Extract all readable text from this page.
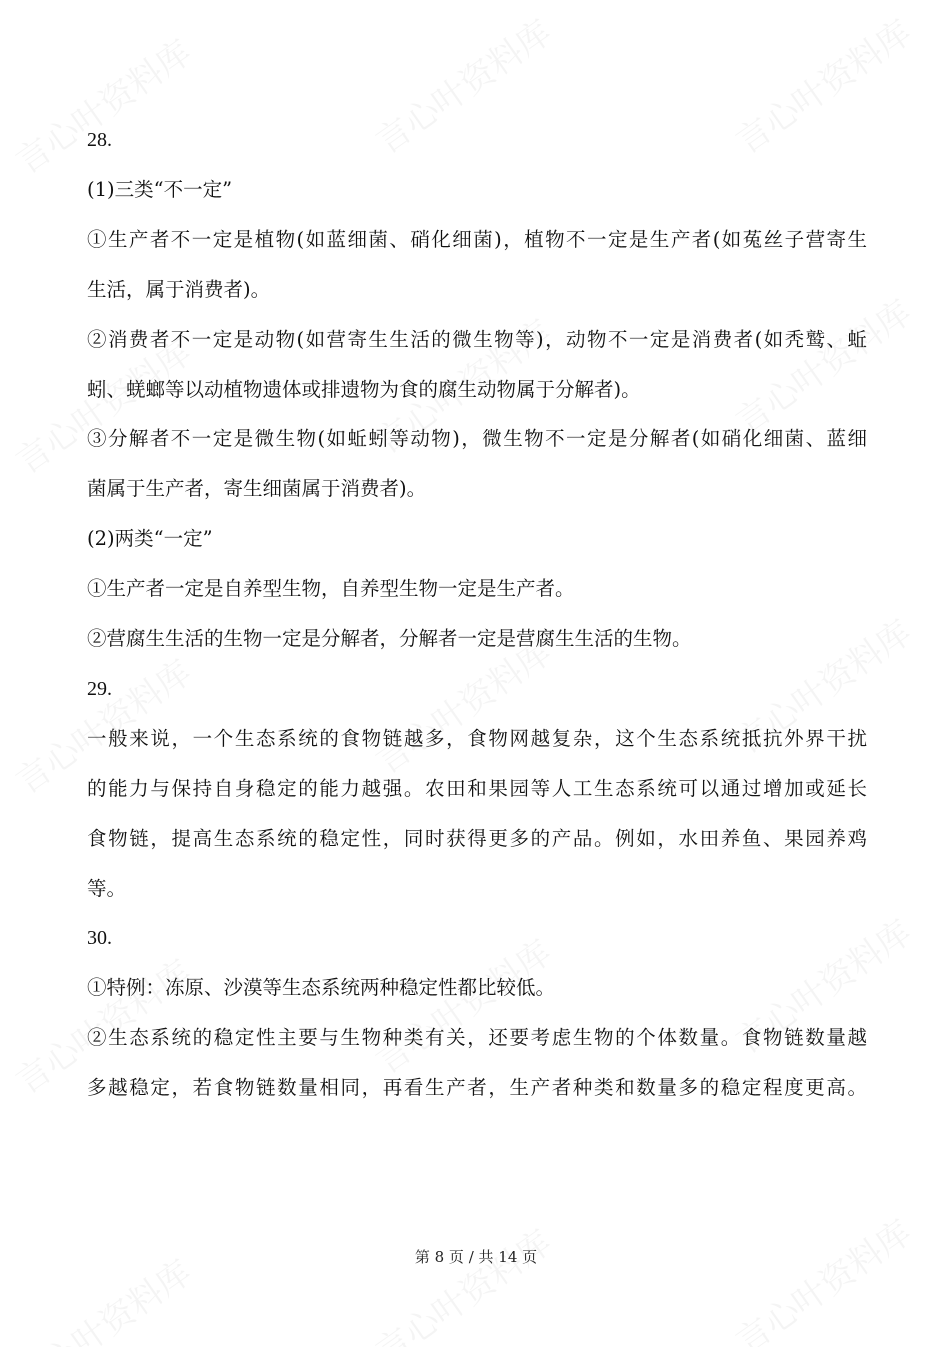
28.
(1)三类“不一定”
①生产者不一定是植物(如蓝细菌、硝化细菌)，植物不一定是生产者(如菟丝子营寄生
生活，属于消费者)。
②消费者不一定是动物(如营寄生生活的微生物等)，动物不一定是消费者(如秃鹫、蚯
蚓、蜣螂等以动植物遗体或排遗物为食的腐生动物属于分解者)。
③分解者不一定是微生物(如蚯蚓等动物)，微生物不一定是分解者(如硝化细菌、蓝细
菌属于生产者，寄生细菌属于消费者)。
(2)两类“一定”
①生产者一定是自养型生物，自养型生物一定是生产者。
②营腐生生活的生物一定是分解者，分解者一定是营腐生生活的生物。
29.
一般来说，一个生态系统的食物链越多，食物网越复杂，这个生态系统抵抗外界干扰
的能力与保持自身稳定的能力越强。农田和果园等人工生态系统可以通过增加或延长
食物链，提高生态系统的稳定性，同时获得更多的产品。例如，水田养鱼、果园养鸡
等。
30.
①特例：冻原、沙漠等生态系统两种稳定性都比较低。
②生态系统的稳定性主要与生物种类有关，还要考虑生物的个体数量。食物链数量越
多越稳定，若食物链数量相同，再看生产者，生产者种类和数量多的稳定程度更高。
第 8 页 / 共 14 页
